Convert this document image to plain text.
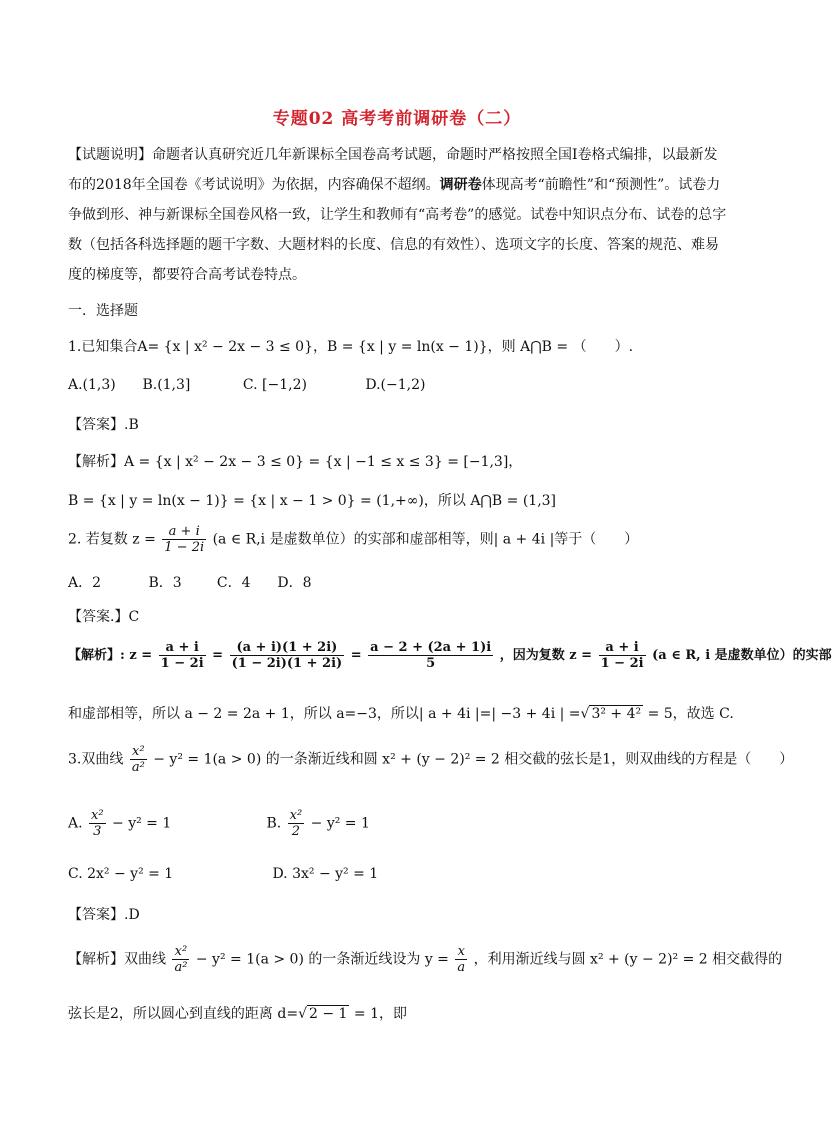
专题02 高考考前调研卷（二）
【试题说明】命题者认真研究近几年新课标全国卷高考试题，命题时严格按照全国Ⅰ卷格式编排，以最新发布的2018年全国卷《考试说明》为依据，内容确保不超纲。调研卷体现高考“前瞻性”和“预测性”。试卷力争做到形、神与新课标全国卷风格一致，让学生和教师有“高考卷”的感觉。试卷中知识点分布、试卷的总字数（包括各科选择题的题干字数、大题材料的长度、信息的有效性）、选项文字的长度、答案的规范、难易度的梯度等，都要符合高考试卷特点。
一．选择题
1.已知集合A= {x | x² − 2x − 3 ≤ 0}，B = {x | y = ln(x − 1)}，则 A⋂B = （　　）.
A.(1,3) B.(1,3]	C. [−1,2)	D.(−1,2)
【答案】.B
【解析】A = {x | x² − 2x − 3 ≤ 0} = {x | −1 ≤ x ≤ 3} = [−1,3]，
B = {x | y = ln(x − 1)} = {x | x − 1 > 0} = (1,+∞)，所以 A⋂B = (1,3]
2. 若复数 $z = \frac{a + i}{1 - 2i} (a$ ∈ R,i 是虚数单位）的实部和虚部相等，则| a + 4i |等于（　　）
A．2	B．3	C．4 D．8
【答案.】C
【解析】: $z = \frac{a + i}{1 - 2i} = \frac{(a + i)(1 + 2i)}{(1 - 2i)(1 + 2i)} = \frac{a - 2 + (2a + 1)i}{5}$ ，因为复数 $z = \frac{a + i}{1 - 2i} (a$ ∈ R, i 是虚数单位）的实部
和虚部相等，所以 a − 2 = 2a + 1，所以 a=−3，所以| a + 4i |=| −3 + 4i | =√ 3² + 4² = 5，故选 C.
3.双曲线 $\frac{\text{x²}}{\text{a²}} - y^2 = 1(a > 0)$ 的一条渐近线和圆 x² + (y − 2)² = 2 相交截的弦长是1，则双曲线的方程是（　　）
A. $\frac{\text{x²}}{3} - y^2 = 1$	B. $\frac{\text{x²}}{2} - y^2 = 1$
C. 2x² − y² = 1	D. 3x² − y² = 1
【答案】.D
【解析】双曲线 $\frac{\text{x²}}{\text{a²}} - y^2 = 1(a > 0)$ 的一条渐近线设为 $y = \frac{x}{a}$ ，利用渐近线与圆 x² + (y − 2)² = 2 相交截得的
弦长是2，所以圆心到直线的距离 d=√ 2 − 1 = 1，即
